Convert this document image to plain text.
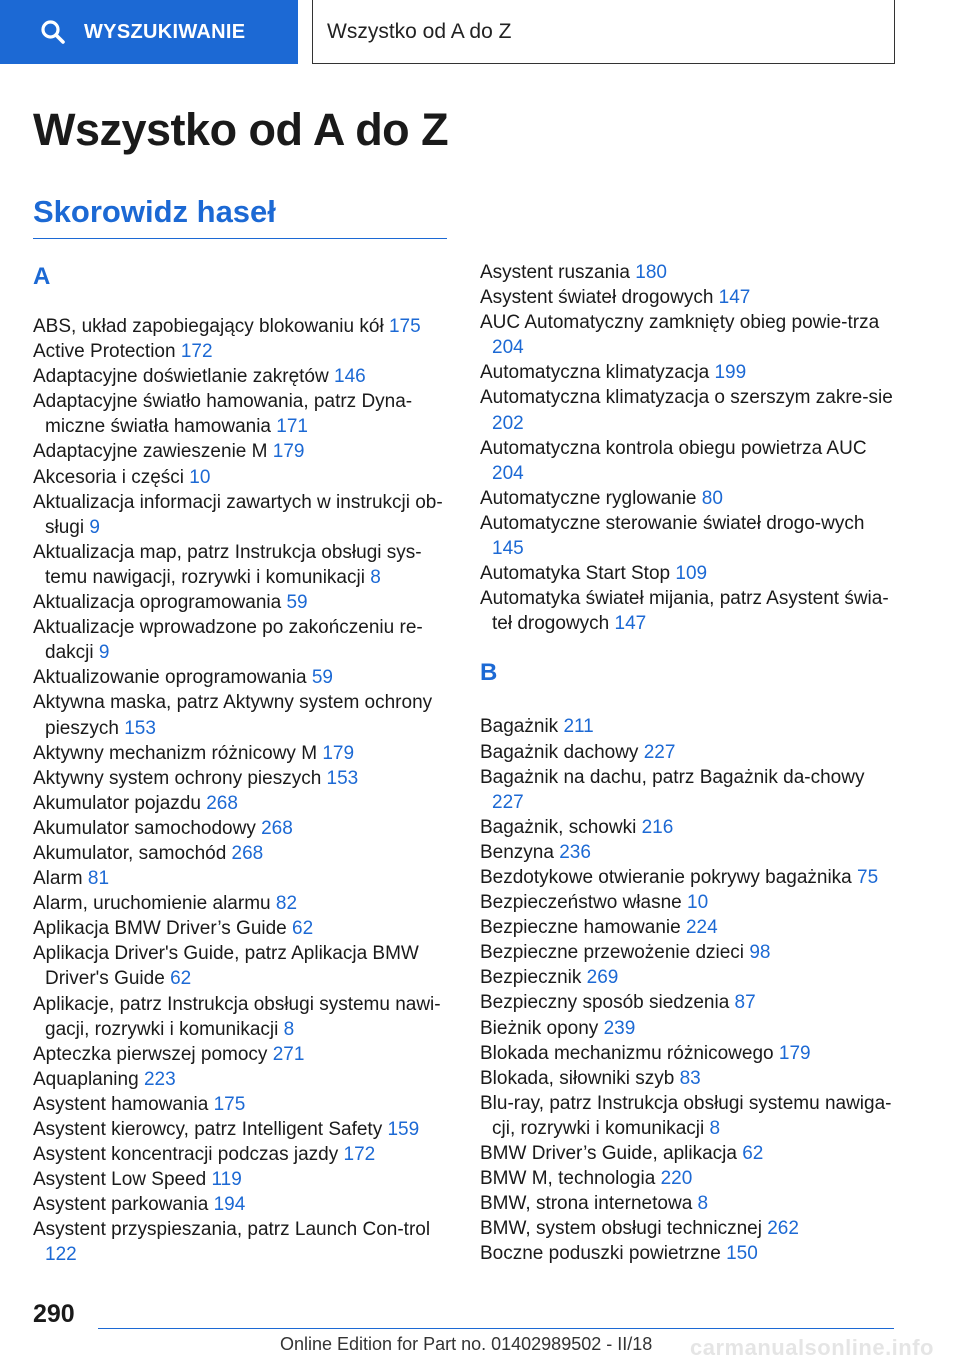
WYSZUKIWANIE	Wszystko od A do Z
Wszystko od A do Z
Skorowidz haseł
A
ABS, układ zapobiegający blokowaniu kół 175
Active Protection 172
Adaptacyjne doświetlanie zakrętów 146
Adaptacyjne światło hamowania, patrz Dyna-miczne światła hamowania 171
Adaptacyjne zawieszenie M 179
Akcesoria i części 10
Aktualizacja informacji zawartych w instrukcji ob-sługi 9
Aktualizacja map, patrz Instrukcja obsługi sys-temu nawigacji, rozrywki i komunikacji 8
Aktualizacja oprogramowania 59
Aktualizacje wprowadzone po zakończeniu re-dakcji 9
Aktualizowanie oprogramowania 59
Aktywna maska, patrz Aktywny system ochrony pieszych 153
Aktywny mechanizm różnicowy M 179
Aktywny system ochrony pieszych 153
Akumulator pojazdu 268
Akumulator samochodowy 268
Akumulator, samochód 268
Alarm 81
Alarm, uruchomienie alarmu 82
Aplikacja BMW Driver’s Guide 62
Aplikacja Driver's Guide, patrz Aplikacja BMW Driver's Guide 62
Aplikacje, patrz Instrukcja obsługi systemu nawi-gacji, rozrywki i komunikacji 8
Apteczka pierwszej pomocy 271
Aquaplaning 223
Asystent hamowania 175
Asystent kierowcy, patrz Intelligent Safety 159
Asystent koncentracji podczas jazdy 172
Asystent Low Speed 119
Asystent parkowania 194
Asystent przyspieszania, patrz Launch Con-trol 122
Asystent ruszania 180
Asystent świateł drogowych 147
AUC Automatyczny zamknięty obieg powie-trza 204
Automatyczna klimatyzacja 199
Automatyczna klimatyzacja o szerszym zakre-sie 202
Automatyczna kontrola obiegu powietrza AUC 204
Automatyczne ryglowanie 80
Automatyczne sterowanie świateł drogo-wych 145
Automatyka Start Stop 109
Automatyka świateł mijania, patrz Asystent świa-teł drogowych 147
B
Bagażnik 211
Bagażnik dachowy 227
Bagażnik na dachu, patrz Bagażnik da-chowy 227
Bagażnik, schowki 216
Benzyna 236
Bezdotykowe otwieranie pokrywy bagażnika 75
Bezpieczeństwo własne 10
Bezpieczne hamowanie 224
Bezpieczne przewożenie dzieci 98
Bezpiecznik 269
Bezpieczny sposób siedzenia 87
Bieżnik opony 239
Blokada mechanizmu różnicowego 179
Blokada, siłowniki szyb 83
Blu-ray, patrz Instrukcja obsługi systemu nawiga-cji, rozrywki i komunikacji 8
BMW Driver’s Guide, aplikacja 62
BMW M, technologia 220
BMW, strona internetowa 8
BMW, system obsługi technicznej 262
Boczne poduszki powietrzne 150
290
Online Edition for Part no. 01402989502 - II/18 carmanualsonline.info
